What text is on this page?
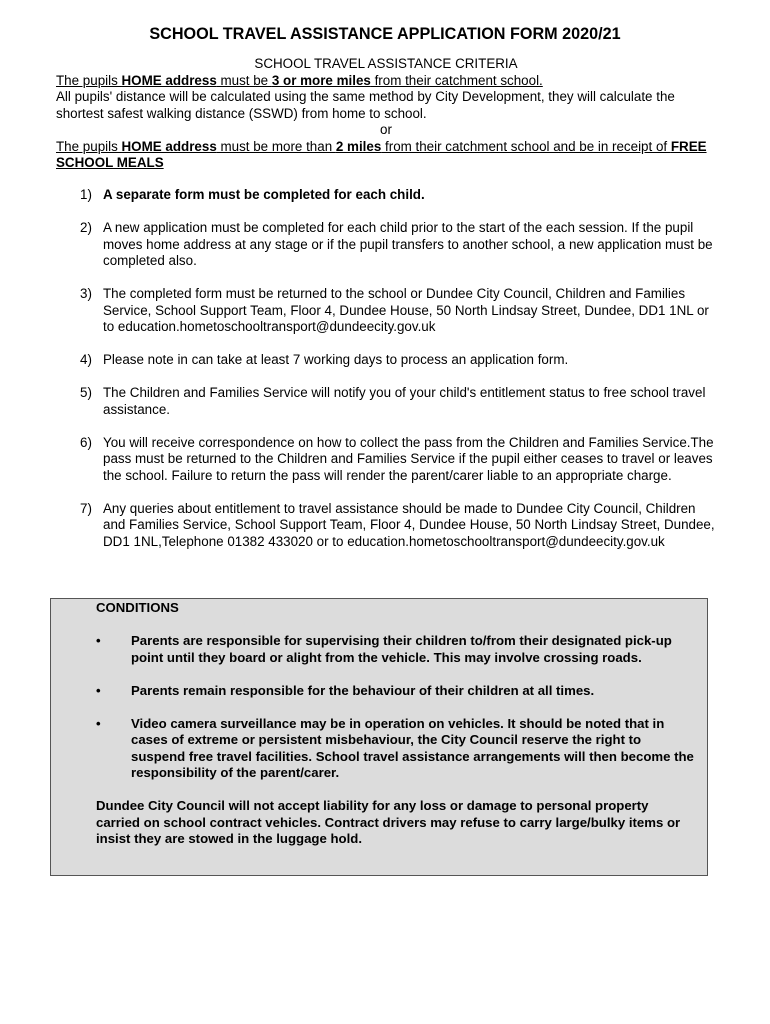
SCHOOL TRAVEL ASSISTANCE APPLICATION FORM 2020/21
SCHOOL TRAVEL ASSISTANCE CRITERIA
The pupils HOME address must be 3 or more miles from their catchment school.
All pupils' distance will be calculated using the same method by City Development, they will calculate the shortest safest walking distance (SSWD) from home to school.
or
The pupils HOME address must be more than 2 miles from their catchment school and be in receipt of FREE SCHOOL MEALS
1) A separate form must be completed for each child.
2) A new application must be completed for each child prior to the start of the each session. If the pupil moves home address at any stage or if the pupil transfers to another school, a new application must be completed also.
3) The completed form must be returned to the school or Dundee City Council, Children and Families Service, School Support Team, Floor 4, Dundee House, 50 North Lindsay Street, Dundee, DD1 1NL or to education.hometoschooltransport@dundeecity.gov.uk
4) Please note in can take at least 7 working days to process an application form.
5) The Children and Families Service will notify you of your child's entitlement status to free school travel assistance.
6) You will receive correspondence on how to collect the pass from the Children and Families Service.The pass must be returned to the Children and Families Service if the pupil either ceases to travel or leaves the school. Failure to return the pass will render the parent/carer liable to an appropriate charge.
7) Any queries about entitlement to travel assistance should be made to Dundee City Council, Children and Families Service, School Support Team, Floor 4, Dundee House, 50 North Lindsay Street, Dundee, DD1 1NL,Telephone 01382 433020 or to education.hometoschooltransport@dundeecity.gov.uk
CONDITIONS
• Parents are responsible for supervising their children to/from their designated pick-up point until they board or alight from the vehicle. This may involve crossing roads.
• Parents remain responsible for the behaviour of their children at all times.
• Video camera surveillance may be in operation on vehicles. It should be noted that in cases of extreme or persistent misbehaviour, the City Council reserve the right to suspend free travel facilities. School travel assistance arrangements will then become the responsibility of the parent/carer.
Dundee City Council will not accept liability for any loss or damage to personal property carried on school contract vehicles. Contract drivers may refuse to carry large/bulky items or insist they are stowed in the luggage hold.
